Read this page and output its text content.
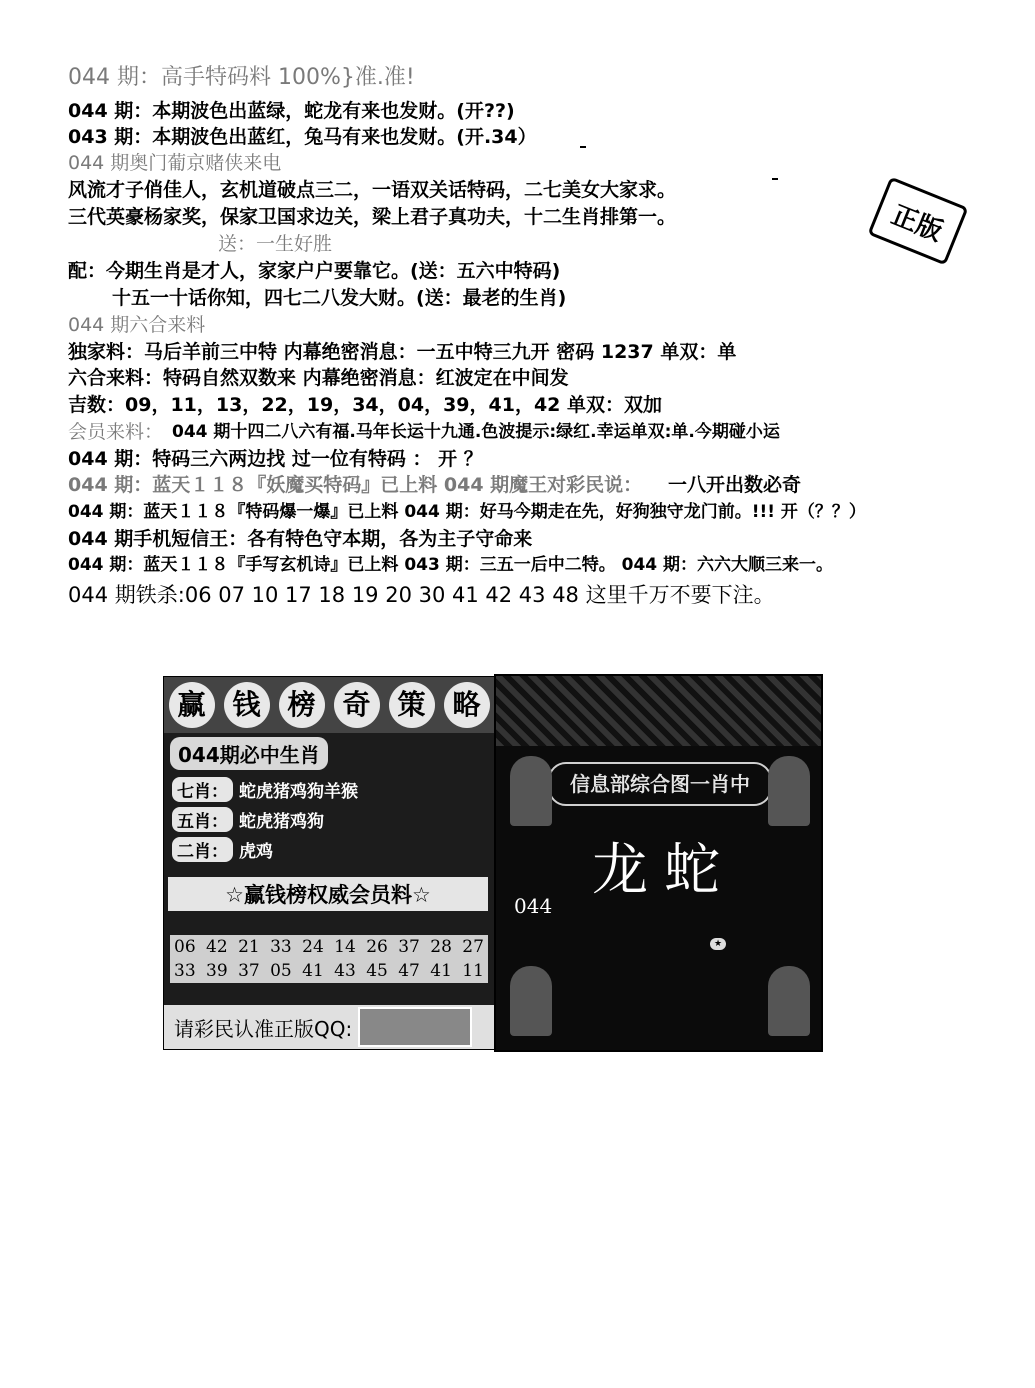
044 期：高手特码料 100%}准.准!
044 期：本期波色出蓝绿，蛇龙有来也发财。(开??)
043 期：本期波色出蓝红，兔马有来也发财。(开.34）
044 期奥门葡京赌侠来电
风流才子俏佳人，玄机道破点三二，一语双关话特码，二七美女大家求。
三代英豪杨家奖，保家卫国求边关，梁上君子真功夫，十二生肖排第一。
送：一生好胜
配：今期生肖是才人，家家户户要靠它。(送：五六中特码)
十五一十话你知，四七二八发大财。(送：最老的生肖)
044 期六合来料
独家料：马后羊前三中特 内幕绝密消息：一五中特三九开 密码 1237 单双：单
六合来料：特码自然双数来 内幕绝密消息：红波定在中间发
吉数：09，11，13，22，19，34，04，39，41，42 单双：双加
会员来料： 044 期十四二八六有福.马年长运十九通.色波提示:绿红.幸运单双:单.今期碰小运
044 期：特码三六两边找 过一位有特码 ： 开 ？
044 期：蓝天１１８『妖魔买特码』已上料 044 期魔王对彩民说： 一八开出数必奇
044 期：蓝天１１８『特码爆一爆』已上料 044 期：好马今期走在先，好狗独守龙门前。!!! 开（？？）
044 期手机短信王：各有特色守本期，各为主子守命来
044 期：蓝天１１８『手写玄机诗』已上料 043 期：三五一后中二特。 044 期：六六大顺三来一。
044 期铁杀:06 07 10 17 18 19 20 30 41 42 43 48 这里千万不要下注。
正版
赢 钱 榜 奇 策 略
044期必中生肖
七肖： 蛇虎猪鸡狗羊猴
五肖： 蛇虎猪鸡狗
二肖： 虎鸡
☆赢钱榜权威会员料☆
06 42 21 33 24 14 26 37 28 27
33 39 37 05 41 43 45 47 41 11
请彩民认准正版QQ:
信息部综合图一肖中
龙蛇
044
★
